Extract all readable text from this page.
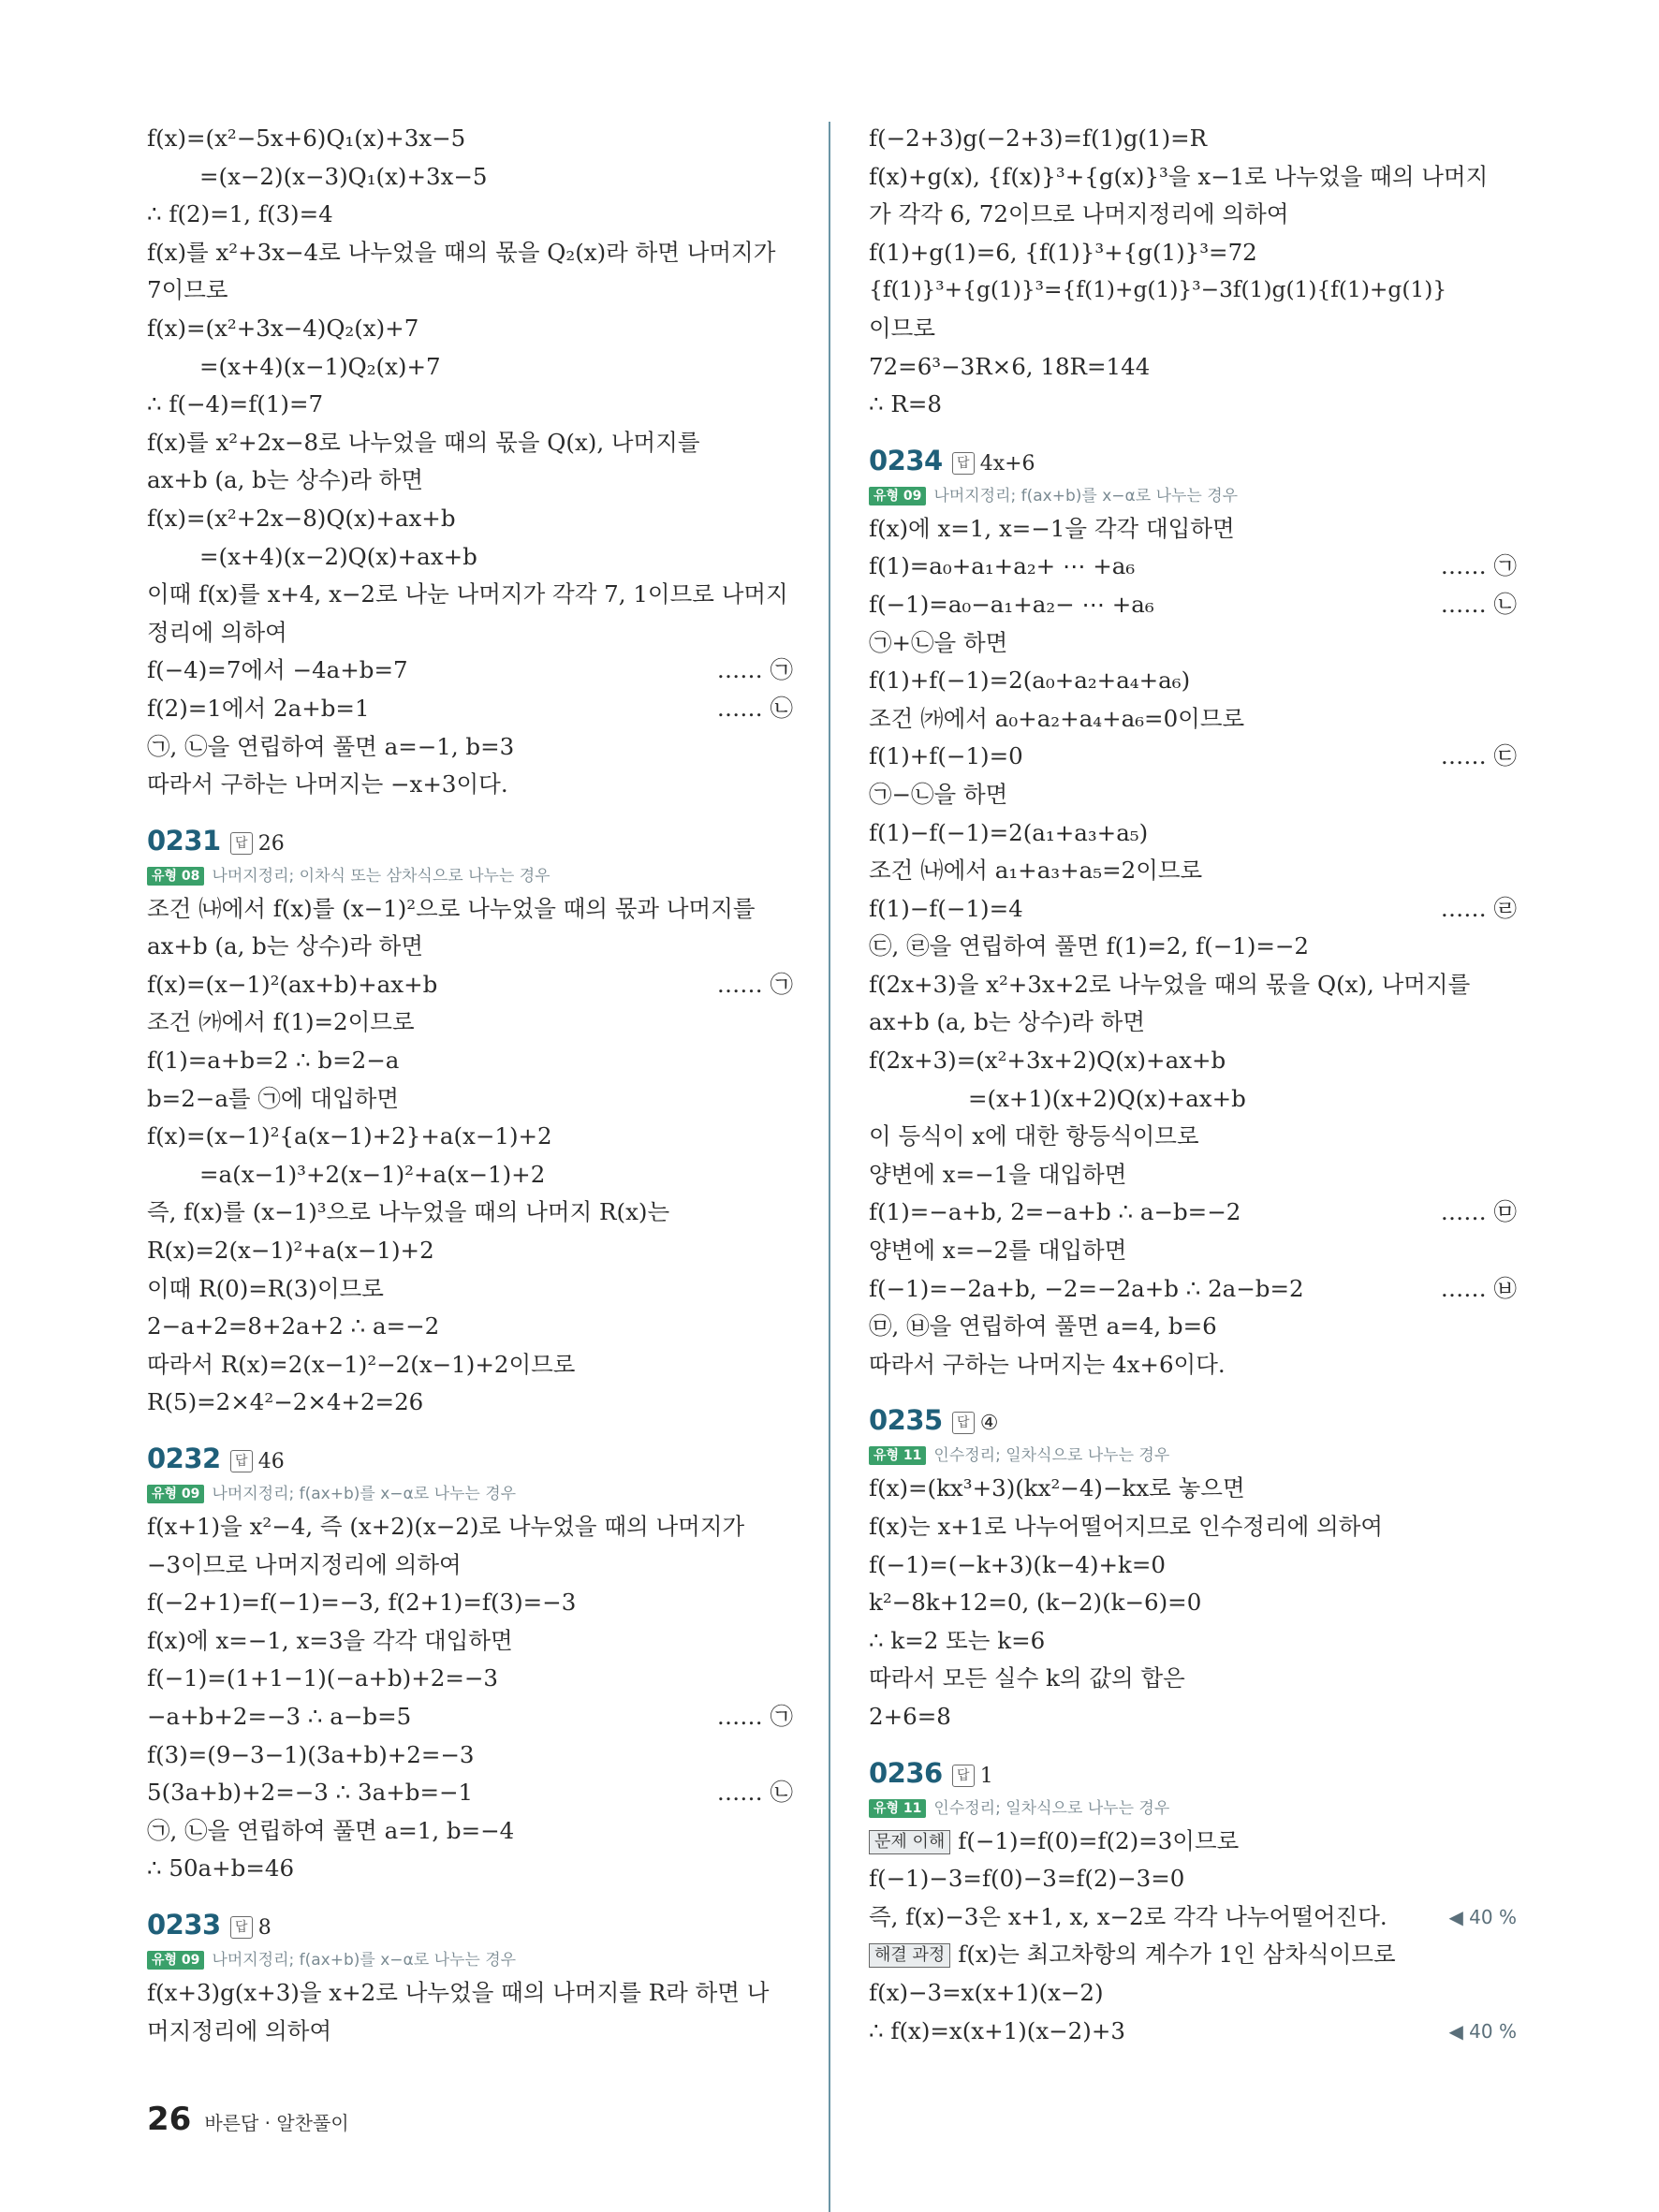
f(x)=(x²−5x+6)Q₁(x)+3x−5
=(x−2)(x−3)Q₁(x)+3x−5
∴ f(2)=1, f(3)=4
f(x)를 x²+3x−4로 나누었을 때의 몫을 Q₂(x)라 하면 나머지가
7이므로
f(x)=(x²+3x−4)Q₂(x)+7
=(x+4)(x−1)Q₂(x)+7
∴ f(−4)=f(1)=7
f(x)를 x²+2x−8로 나누었을 때의 몫을 Q(x), 나머지를
ax+b (a, b는 상수)라 하면
f(x)=(x²+2x−8)Q(x)+ax+b
=(x+4)(x−2)Q(x)+ax+b
이때 f(x)를 x+4, x−2로 나눈 나머지가 각각 7, 1이므로 나머지
정리에 의하여
f(−4)=7에서 −4a+b=7	…… ㉠
f(2)=1에서 2a+b=1	…… ㉡
㉠, ㉡을 연립하여 풀면 a=−1, b=3
따라서 구하는 나머지는 −x+3이다.
0231 답 26
유형 08 나머지정리; 이차식 또는 삼차식으로 나누는 경우
조건 ㈏에서 f(x)를 (x−1)²으로 나누었을 때의 몫과 나머지를
ax+b (a, b는 상수)라 하면
f(x)=(x−1)²(ax+b)+ax+b	…… ㉠
조건 ㈎에서 f(1)=2이므로
f(1)=a+b=2 ∴ b=2−a
b=2−a를 ㉠에 대입하면
f(x)=(x−1)²{a(x−1)+2}+a(x−1)+2
=a(x−1)³+2(x−1)²+a(x−1)+2
즉, f(x)를 (x−1)³으로 나누었을 때의 나머지 R(x)는
R(x)=2(x−1)²+a(x−1)+2
이때 R(0)=R(3)이므로
2−a+2=8+2a+2 ∴ a=−2
따라서 R(x)=2(x−1)²−2(x−1)+2이므로
R(5)=2×4²−2×4+2=26
0232 답 46
유형 09 나머지정리; f(ax+b)를 x−α로 나누는 경우
f(x+1)을 x²−4, 즉 (x+2)(x−2)로 나누었을 때의 나머지가
−3이므로 나머지정리에 의하여
f(−2+1)=f(−1)=−3, f(2+1)=f(3)=−3
f(x)에 x=−1, x=3을 각각 대입하면
f(−1)=(1+1−1)(−a+b)+2=−3
−a+b+2=−3 ∴ a−b=5	…… ㉠
f(3)=(9−3−1)(3a+b)+2=−3
5(3a+b)+2=−3 ∴ 3a+b=−1	…… ㉡
㉠, ㉡을 연립하여 풀면 a=1, b=−4
∴ 50a+b=46
0233 답 8
유형 09 나머지정리; f(ax+b)를 x−α로 나누는 경우
f(x+3)g(x+3)을 x+2로 나누었을 때의 나머지를 R라 하면 나
머지정리에 의하여
f(−2+3)g(−2+3)=f(1)g(1)=R
f(x)+g(x), {f(x)}³+{g(x)}³을 x−1로 나누었을 때의 나머지
가 각각 6, 72이므로 나머지정리에 의하여
f(1)+g(1)=6, {f(1)}³+{g(1)}³=72
{f(1)}³+{g(1)}³={f(1)+g(1)}³−3f(1)g(1){f(1)+g(1)}
이므로
72=6³−3R×6, 18R=144
∴ R=8
0234 답 4x+6
유형 09 나머지정리; f(ax+b)를 x−α로 나누는 경우
f(x)에 x=1, x=−1을 각각 대입하면
f(1)=a₀+a₁+a₂+ ⋯ +a₆	…… ㉠
f(−1)=a₀−a₁+a₂− ⋯ +a₆	…… ㉡
㉠+㉡을 하면
f(1)+f(−1)=2(a₀+a₂+a₄+a₆)
조건 ㈎에서 a₀+a₂+a₄+a₆=0이므로
f(1)+f(−1)=0	…… ㉢
㉠−㉡을 하면
f(1)−f(−1)=2(a₁+a₃+a₅)
조건 ㈏에서 a₁+a₃+a₅=2이므로
f(1)−f(−1)=4	…… ㉣
㉢, ㉣을 연립하여 풀면 f(1)=2, f(−1)=−2
f(2x+3)을 x²+3x+2로 나누었을 때의 몫을 Q(x), 나머지를
ax+b (a, b는 상수)라 하면
f(2x+3)=(x²+3x+2)Q(x)+ax+b
=(x+1)(x+2)Q(x)+ax+b
이 등식이 x에 대한 항등식이므로
양변에 x=−1을 대입하면
f(1)=−a+b, 2=−a+b ∴ a−b=−2	…… ㉤
양변에 x=−2를 대입하면
f(−1)=−2a+b, −2=−2a+b ∴ 2a−b=2	…… ㉥
㉤, ㉥을 연립하여 풀면 a=4, b=6
따라서 구하는 나머지는 4x+6이다.
0235 답 ④
유형 11 인수정리; 일차식으로 나누는 경우
f(x)=(kx³+3)(kx²−4)−kx로 놓으면
f(x)는 x+1로 나누어떨어지므로 인수정리에 의하여
f(−1)=(−k+3)(k−4)+k=0
k²−8k+12=0, (k−2)(k−6)=0
∴ k=2 또는 k=6
따라서 모든 실수 k의 값의 합은
2+6=8
0236 답 1
유형 11 인수정리; 일차식으로 나누는 경우
문제 이해 f(−1)=f(0)=f(2)=3이므로
f(−1)−3=f(0)−3=f(2)−3=0
즉, f(x)−3은 x+1, x, x−2로 각각 나누어떨어진다.	◀ 40 %
해결 과정 f(x)는 최고차항의 계수가 1인 삼차식이므로
f(x)−3=x(x+1)(x−2)
∴ f(x)=x(x+1)(x−2)+3	◀ 40 %
26 바른답 · 알찬풀이
